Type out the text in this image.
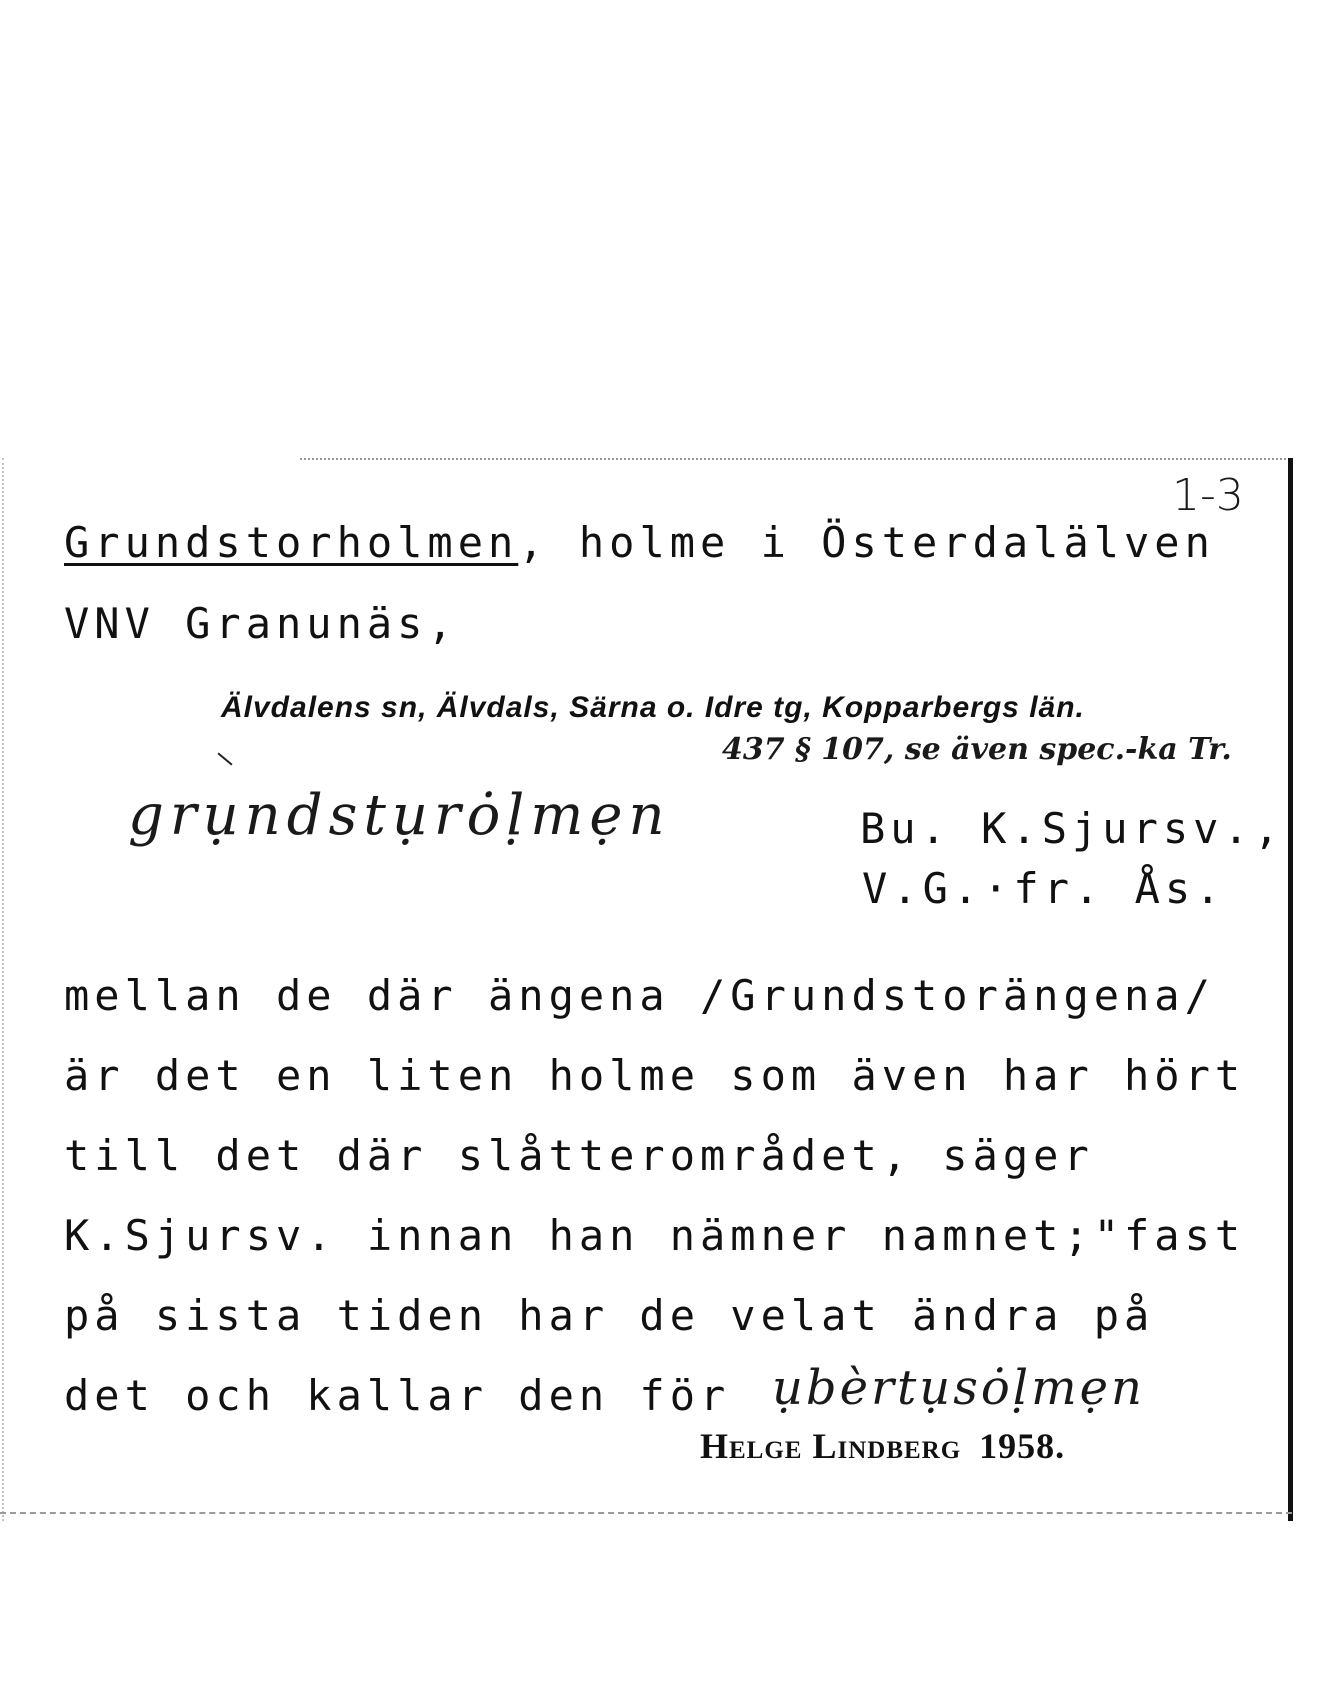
1-3
Grundstorholmen, holme i Österdalälven
VNV Granunäs,
Älvdalens sn, Älvdals, Särna o. Idre tg, Kopparbergs län.
437 § 107, se även spec.-ka Tr.
grụndstụrȯḷmẹn	Bu. K.Sjursv.,
V.G.·fr. Ås.
mellan de där ängena /Grundstorängena/
är det en liten holme som även har hört
till det där slåtterområdet, säger
K.Sjursv. innan han nämner namnet;"fast
på sista tiden har de velat ändra på
det och kallar den för ụbèrtụsȯḷmẹn
Helge Lindberg 1958.
